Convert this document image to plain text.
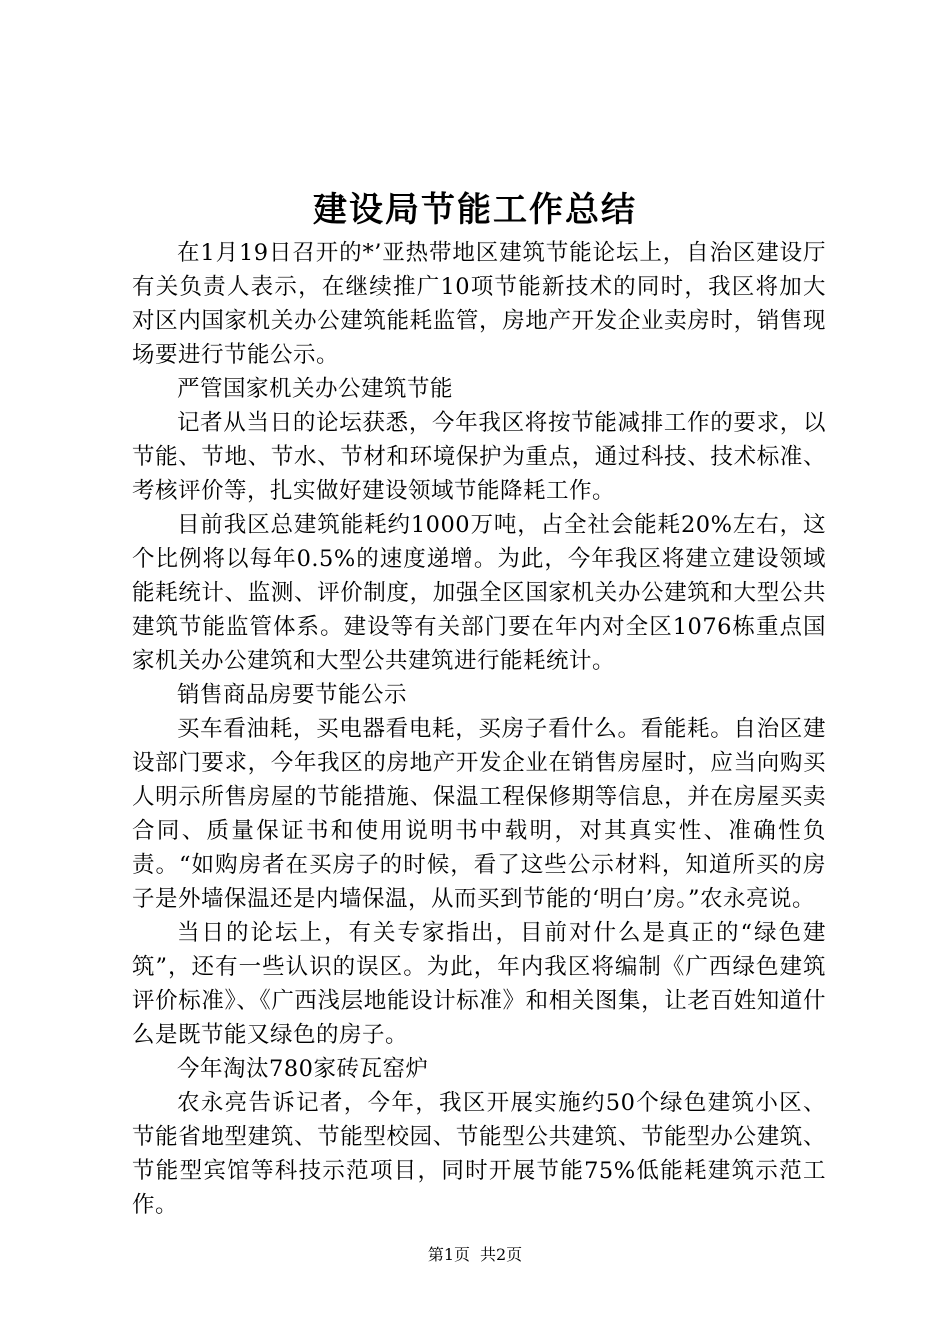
建设局节能工作总结

在1月19日召开的*’亚热带地区建筑节能论坛上，自治区建设厅有关负责人表示，在继续推广10项节能新技术的同时，我区将加大对区内国家机关办公建筑能耗监管，房地产开发企业卖房时，销售现场要进行节能公示。

严管国家机关办公建筑节能

记者从当日的论坛获悉，今年我区将按节能减排工作的要求，以节能、节地、节水、节材和环境保护为重点，通过科技、技术标准、考核评价等，扎实做好建设领域节能降耗工作。

目前我区总建筑能耗约1000万吨，占全社会能耗20%左右，这个比例将以每年0.5%的速度递增。为此，今年我区将建立建设领域能耗统计、监测、评价制度，加强全区国家机关办公建筑和大型公共建筑节能监管体系。建设等有关部门要在年内对全区1076栋重点国家机关办公建筑和大型公共建筑进行能耗统计。

销售商品房要节能公示

买车看油耗，买电器看电耗，买房子看什么。看能耗。自治区建设部门要求，今年我区的房地产开发企业在销售房屋时，应当向购买人明示所售房屋的节能措施、保温工程保修期等信息，并在房屋买卖合同、质量保证书和使用说明书中载明，对其真实性、准确性负责。“如购房者在买房子的时候，看了这些公示材料，知道所买的房子是外墙保温还是内墙保温，从而买到节能的‘明白’房。”农永亮说。

当日的论坛上，有关专家指出，目前对什么是真正的“绿色建筑”，还有一些认识的误区。为此，年内我区将编制《广西绿色建筑评价标准》、《广西浅层地能设计标准》和相关图集，让老百姓知道什么是既节能又绿色的房子。

今年淘汰780家砖瓦窑炉

农永亮告诉记者，今年，我区开展实施约50个绿色建筑小区、节能省地型建筑、节能型校园、节能型公共建筑、节能型办公建筑、节能型宾馆等科技示范项目，同时开展节能75%低能耗建筑示范工作。

第1页 共2页
